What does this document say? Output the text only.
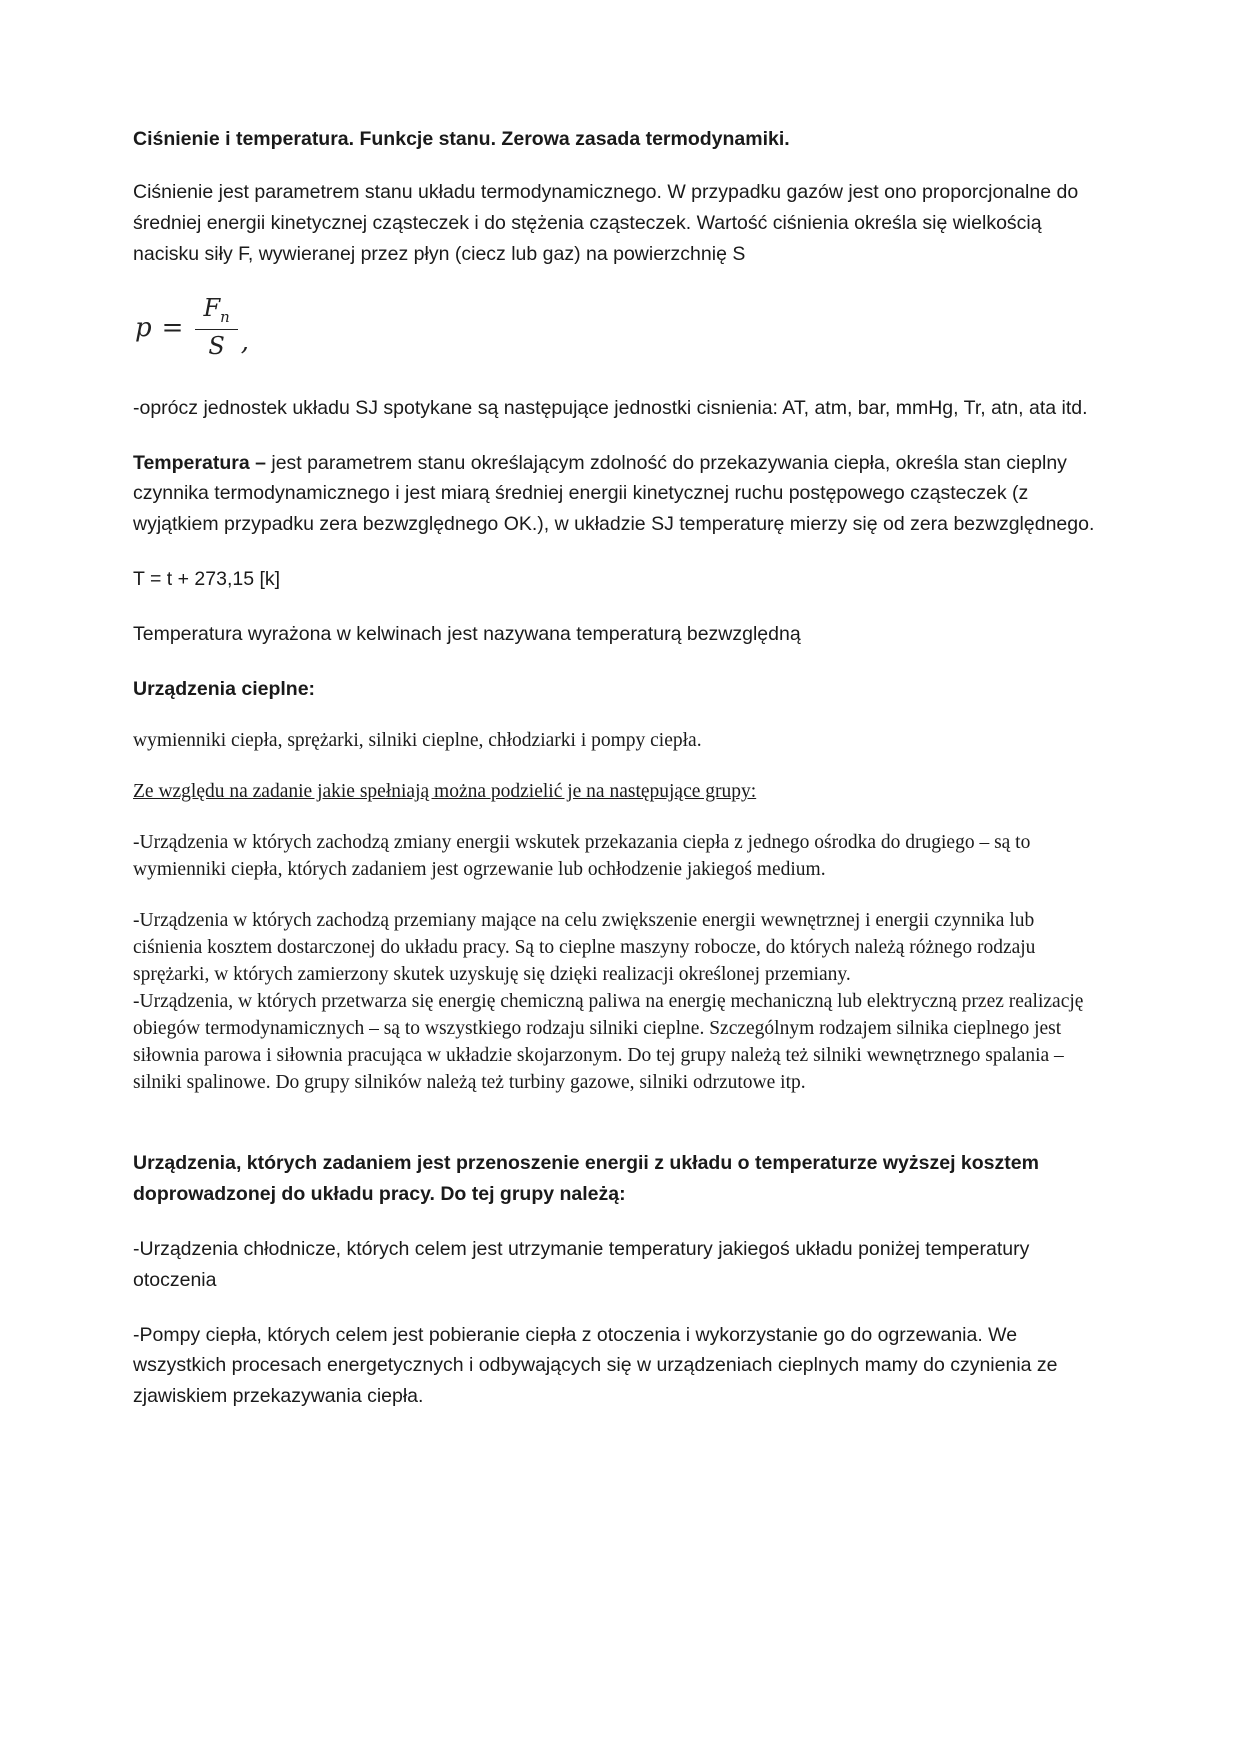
Ciśnienie i temperatura. Funkcje stanu. Zerowa zasada termodynamiki.

Ciśnienie jest parametrem stanu układu termodynamicznego. W przypadku gazów jest ono proporcjonalne do średniej energii kinetycznej cząsteczek i do stężenia cząsteczek. Wartość ciśnienia określa się wielkością nacisku siły F, wywieranej przez płyn (ciecz lub gaz) na powierzchnię S

$p = \frac{F_n}{S}$ ,

-oprócz jednostek układu SJ spotykane są następujące jednostki cisnienia: AT, atm, bar, mmHg, Tr, atn, ata itd.

Temperatura – jest parametrem stanu określającym zdolność do przekazywania ciepła, określa stan cieplny czynnika termodynamicznego i jest miarą średniej energii kinetycznej ruchu postępowego cząsteczek (z wyjątkiem przypadku zera bezwzględnego OK.), w układzie SJ temperaturę mierzy się od zera bezwzględnego.

T = t + 273,15 [k]

Temperatura wyrażona w kelwinach jest nazywana temperaturą bezwzględną

Urządzenia cieplne:

wymienniki ciepła, sprężarki, silniki cieplne, chłodziarki i pompy ciepła.

Ze względu na zadanie jakie spełniają można podzielić je na następujące grupy:

-Urządzenia w których zachodzą zmiany energii wskutek przekazania ciepła z jednego ośrodka do drugiego – są to wymienniki ciepła, których zadaniem jest ogrzewanie lub ochłodzenie jakiegoś medium.

-Urządzenia w których zachodzą przemiany mające na celu zwiększenie energii wewnętrznej i energii czynnika lub ciśnienia kosztem dostarczonej do układu pracy. Są to cieplne maszyny robocze, do których należą różnego rodzaju sprężarki, w których zamierzony skutek uzyskuję się dzięki realizacji określonej przemiany.

-Urządzenia, w których przetwarza się energię chemiczną paliwa na energię mechaniczną lub elektryczną przez realizację obiegów termodynamicznych – są to wszystkiego rodzaju silniki cieplne. Szczególnym rodzajem silnika cieplnego jest siłownia parowa i siłownia pracująca w układzie skojarzonym. Do tej grupy należą też silniki wewnętrznego spalania – silniki spalinowe. Do grupy silników należą też turbiny gazowe, silniki odrzutowe itp.

Urządzenia, których zadaniem jest przenoszenie energii z układu o temperaturze wyższej kosztem doprowadzonej do układu pracy. Do tej grupy należą:

-Urządzenia chłodnicze, których celem jest utrzymanie temperatury jakiegoś układu poniżej temperatury otoczenia

-Pompy ciepła, których celem jest pobieranie ciepła z otoczenia i wykorzystanie go do ogrzewania. We wszystkich procesach energetycznych i odbywających się w urządzeniach cieplnych mamy do czynienia ze zjawiskiem przekazywania ciepła.
